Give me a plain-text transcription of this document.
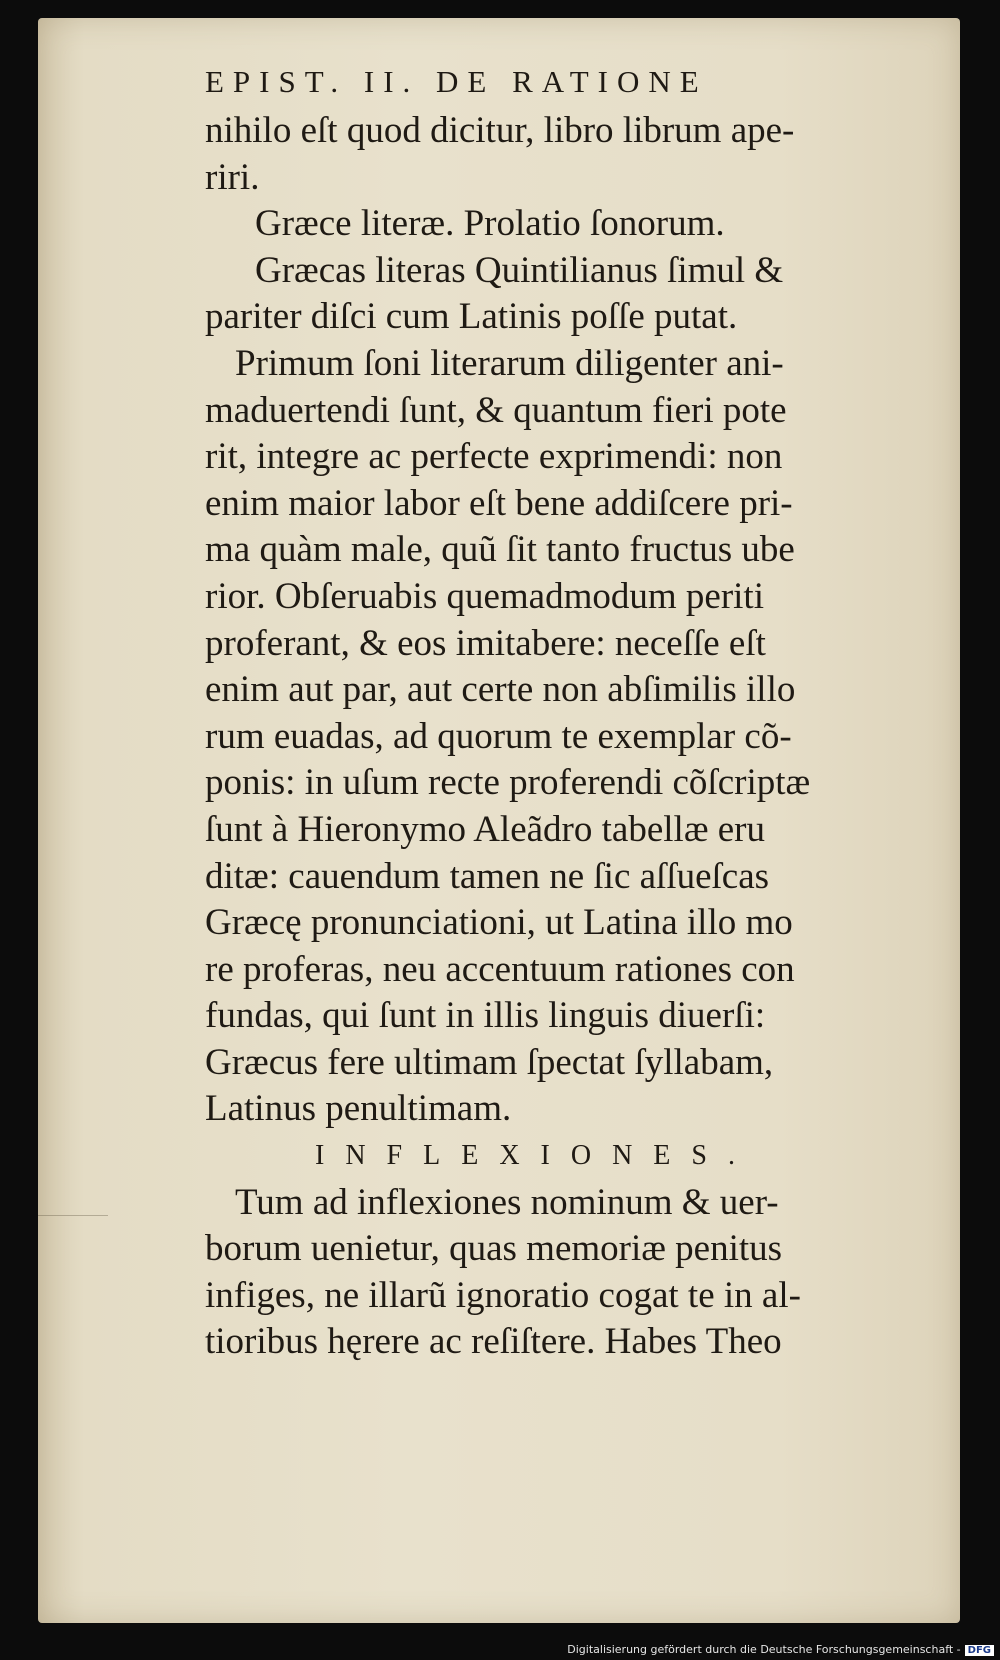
EPIST. II. DE RATIONE
nihilo eſt quod dicitur, libro librum ape-
riri.
Græce literæ. Prolatio ſonorum.
Græcas literas Quintilianus ſimul &
pariter diſci cum Latinis poſſe putat.
Primum ſoni literarum diligenter ani-
maduertendi ſunt, & quantum fieri pote
rit, integre ac perfecte exprimendi: non
enim maior labor eſt bene addiſcere pri-
ma quàm male, quũ ſit tanto fructus ube
rior. Obſeruabis quemadmodum periti
proferant, & eos imitabere: neceſſe eſt
enim aut par, aut certe non abſimilis illo
rum euadas, ad quorum te exemplar cõ-
ponis: in uſum recte proferendi cõſcriptæ
ſunt à Hieronymo Aleãdro tabellæ eru
ditæ: cauendum tamen ne ſic aſſueſcas
Græcę pronunciationi, ut Latina illo mo
re proferas, neu accentuum rationes con
fundas, qui ſunt in illis linguis diuerſi:
Græcus fere ultimam ſpectat ſyllabam,
Latinus penultimam.
INFLEXIONES.
Tum ad inflexiones nominum & uer-
borum uenietur, quas memoriæ penitus
infiges, ne illarũ ignoratio cogat te in al-
tioribus hęrere ac reſiſtere. Habes Theo
Digitalisierung gefördert durch die Deutsche Forschungsgemeinschaft - DFG
